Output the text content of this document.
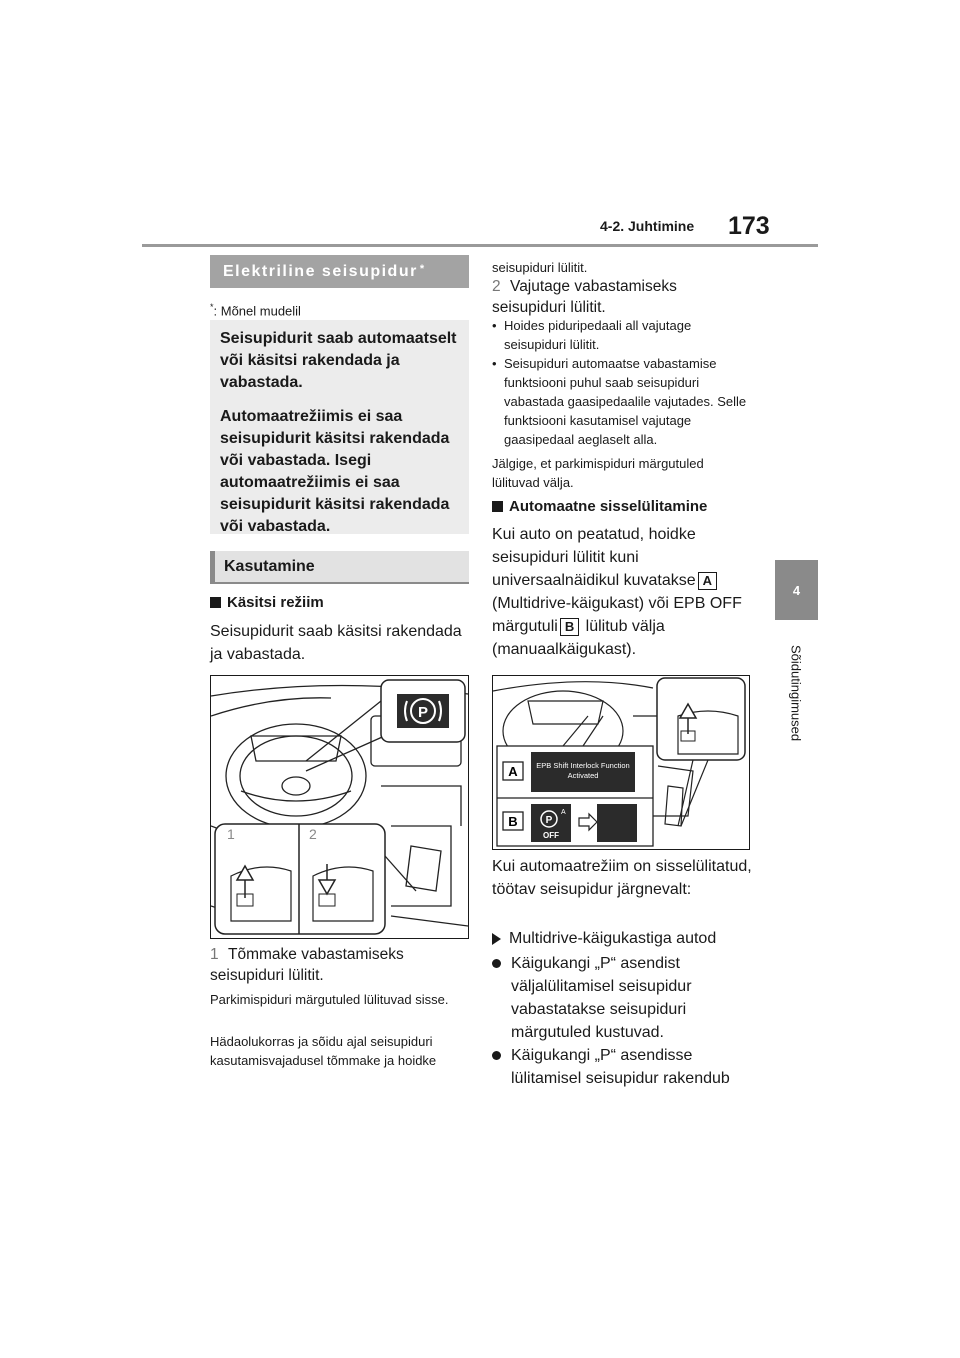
4-2. Juhtimine 173
4
Sõidutingimused
Elektriline seisupidur*
*: Mõnel mudelil

Seisupidurit saab automaatselt või käsitsi rakendada ja vabastada.

Automaatrežiimis ei saa seisupidurit käsitsi rakendada või vabastada. Isegi automaatrežiimis ei saa seisupidurit käsitsi rakendada või vabastada.

Kasutamine
Käsitsi režiim
Seisupidurit saab käsitsi rakendada ja vabastada.
P
1	2
1 Tõmmake vabastamiseks seisupiduri lülitit.
Parkimispiduri märgutuled lülituvad sisse.
Hädaolukorras ja sõidu ajal seisupiduri kasutamisvajadusel tõmmake ja hoidke
seisupiduri lülitit.
2 Vajutage vabastamiseks seisupiduri lülitit.
• Hoides piduripedaali all vajutage seisupiduri lülitit.
• Seisupiduri automaatse vabastamise funktsiooni puhul saab seisupiduri vabastada gaasipedaalile vajutades. Selle funktsiooni kasutamisel vajutage gaasipedaal aeglaselt alla.
Jälgige, et parkimispiduri märgutuled lülituvad välja.
Automaatne sisselülitamine
Kui auto on peatatud, hoidke seisupiduri lülitit kuni universaalnäidikul kuvatakse A (Multidrive-käigukast) või EPB OFF märgutuli B lülitub välja (manuaalkäigukast).
A EPB Shift Interlock Function
Activated
B	P
A
OFF
Kui automaatrežiim on sisselülitatud, töötav seisupidur järgnevalt:
Multidrive-käigukastiga autod
Käigukangi „P“ asendist väljalülitamisel seisupidur vabastatakse seisupiduri märgutuled kustuvad.
Käigukangi „P“ asendisse lülitamisel seisupidur rakendub
